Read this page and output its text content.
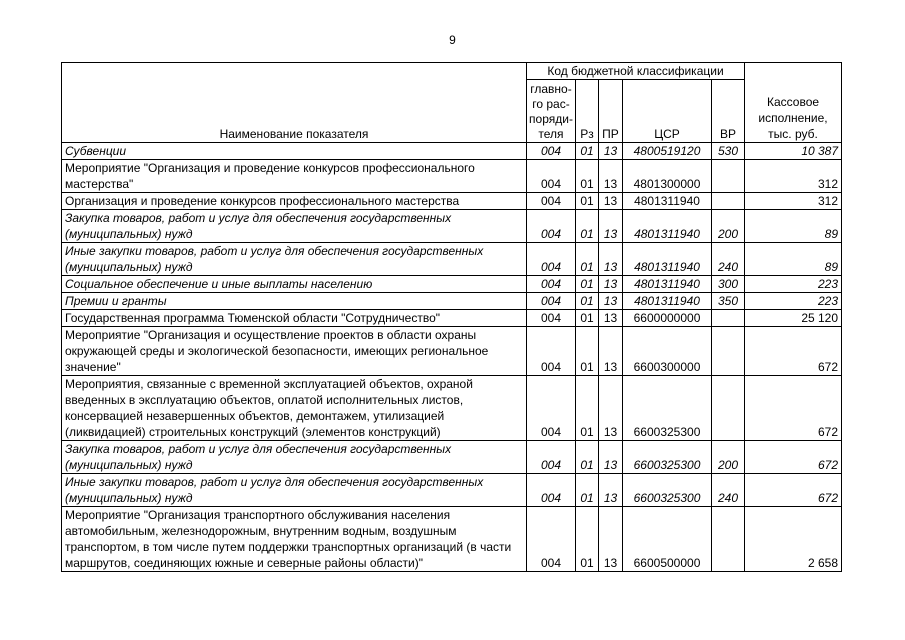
9
Наименование показателя	Код бюджетной классификации					Кассовое исполнение, тыс. руб.
	главно-го рас-поряди-теля	Рз	ПР	ЦСР	ВР	
Субвенции	004	01	13	4800519120	530	10 387
Мероприятие "Организация и проведение конкурсов профессионального мастерства"	004	01	13	4801300000		312
Организация и проведение конкурсов профессионального мастерства	004	01	13	4801311940		312
Закупка товаров, работ и услуг для обеспечения государственных (муниципальных) нужд	004	01	13	4801311940	200	89
Иные закупки товаров, работ и услуг для обеспечения государственных (муниципальных) нужд	004	01	13	4801311940	240	89
Социальное обеспечение и иные выплаты населению	004	01	13	4801311940	300	223
Премии и гранты	004	01	13	4801311940	350	223
Государственная программа Тюменской области "Сотрудничество"	004	01	13	6600000000		25 120
Мероприятие "Организация и осуществление проектов в области охраны окружающей среды и экологической безопасности, имеющих региональное значение"	004	01	13	6600300000		672
Мероприятия, связанные с временной эксплуатацией объектов, охраной введенных в эксплуатацию объектов, оплатой исполнительных листов, консервацией незавершенных объектов, демонтажем, утилизацией (ликвидацией) строительных конструкций (элементов конструкций)	004	01	13	6600325300		672
Закупка товаров, работ и услуг для обеспечения государственных (муниципальных) нужд	004	01	13	6600325300	200	672
Иные закупки товаров, работ и услуг для обеспечения государственных (муниципальных) нужд	004	01	13	6600325300	240	672
Мероприятие "Организация транспортного обслуживания населения автомобильным, железнодорожным, внутренним водным, воздушным транспортом, в том числе путем поддержки транспортных организаций (в части маршрутов, соединяющих южные и северные районы области)"	004	01	13	6600500000		2 658
